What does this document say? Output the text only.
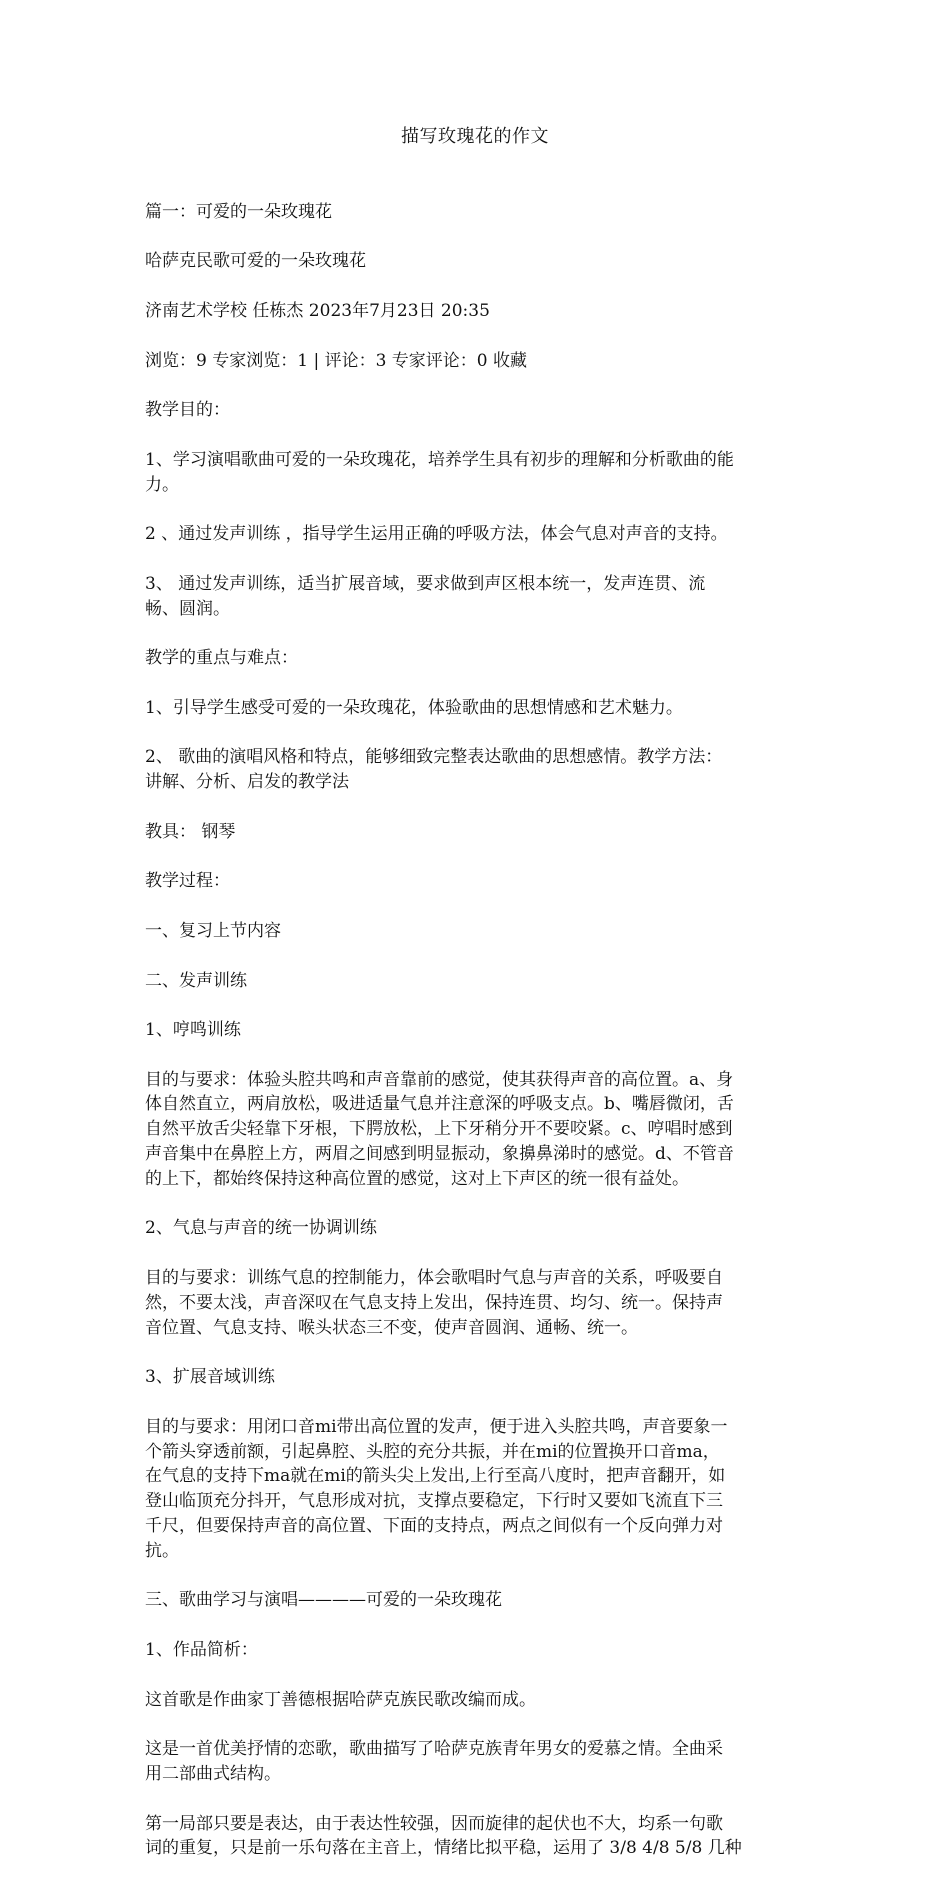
描写玫瑰花的作文

篇一：可爱的一朵玫瑰花

哈萨克民歌可爱的一朵玫瑰花

济南艺术学校 任栋杰 2023年7月23日 20:35

浏览：9 专家浏览：1 | 评论：3 专家评论：0 收藏

教学目的：

1、学习演唱歌曲可爱的一朵玫瑰花，培养学生具有初步的理解和分析歌曲的能
力。

2 、通过发声训练 ，指导学生运用正确的呼吸方法，体会气息对声音的支持。

3、 通过发声训练，适当扩展音域，要求做到声区根本统一，发声连贯、流
畅、圆润。

教学的重点与难点：

1、引导学生感受可爱的一朵玫瑰花，体验歌曲的思想情感和艺术魅力。

2、 歌曲的演唱风格和特点，能够细致完整表达歌曲的思想感情。教学方法：
讲解、分析、启发的教学法

教具： 钢琴

教学过程：

一、复习上节内容

二、发声训练

1、哼鸣训练

目的与要求：体验头腔共鸣和声音靠前的感觉，使其获得声音的高位置。a、身
体自然直立，两肩放松，吸进适量气息并注意深的呼吸支点。b、嘴唇微闭，舌
自然平放舌尖轻靠下牙根，下腭放松，上下牙稍分开不要咬紧。c、哼唱时感到
声音集中在鼻腔上方，两眉之间感到明显振动，象擤鼻涕时的感觉。d、不管音
的上下，都始终保持这种高位置的感觉，这对上下声区的统一很有益处。

2、气息与声音的统一协调训练

目的与要求：训练气息的控制能力，体会歌唱时气息与声音的关系，呼吸要自
然，不要太浅，声音深叹在气息支持上发出，保持连贯、均匀、统一。保持声
音位置、气息支持、喉头状态三不变，使声音圆润、通畅、统一。

3、扩展音域训练

目的与要求：用闭口音mi带出高位置的发声，便于进入头腔共鸣，声音要象一
个箭头穿透前额，引起鼻腔、头腔的充分共振，并在mi的位置换开口音ma，
在气息的支持下ma就在mi的箭头尖上发出,上行至高八度时，把声音翻开，如
登山临顶充分抖开，气息形成对抗，支撑点要稳定，下行时又要如飞流直下三
千尺，但要保持声音的高位置、下面的支持点，两点之间似有一个反向弹力对
抗。

三、歌曲学习与演唱————可爱的一朵玫瑰花

1、作品简析：

这首歌是作曲家丁善德根据哈萨克族民歌改编而成。

这是一首优美抒情的恋歌，歌曲描写了哈萨克族青年男女的爱慕之情。全曲采
用二部曲式结构。

第一局部只要是表达，由于表达性较强，因而旋律的起伏也不大，均系一句歌
词的重复，只是前一乐句落在主音上，情绪比拟平稳，运用了 3/8 4/8 5/8 几种
